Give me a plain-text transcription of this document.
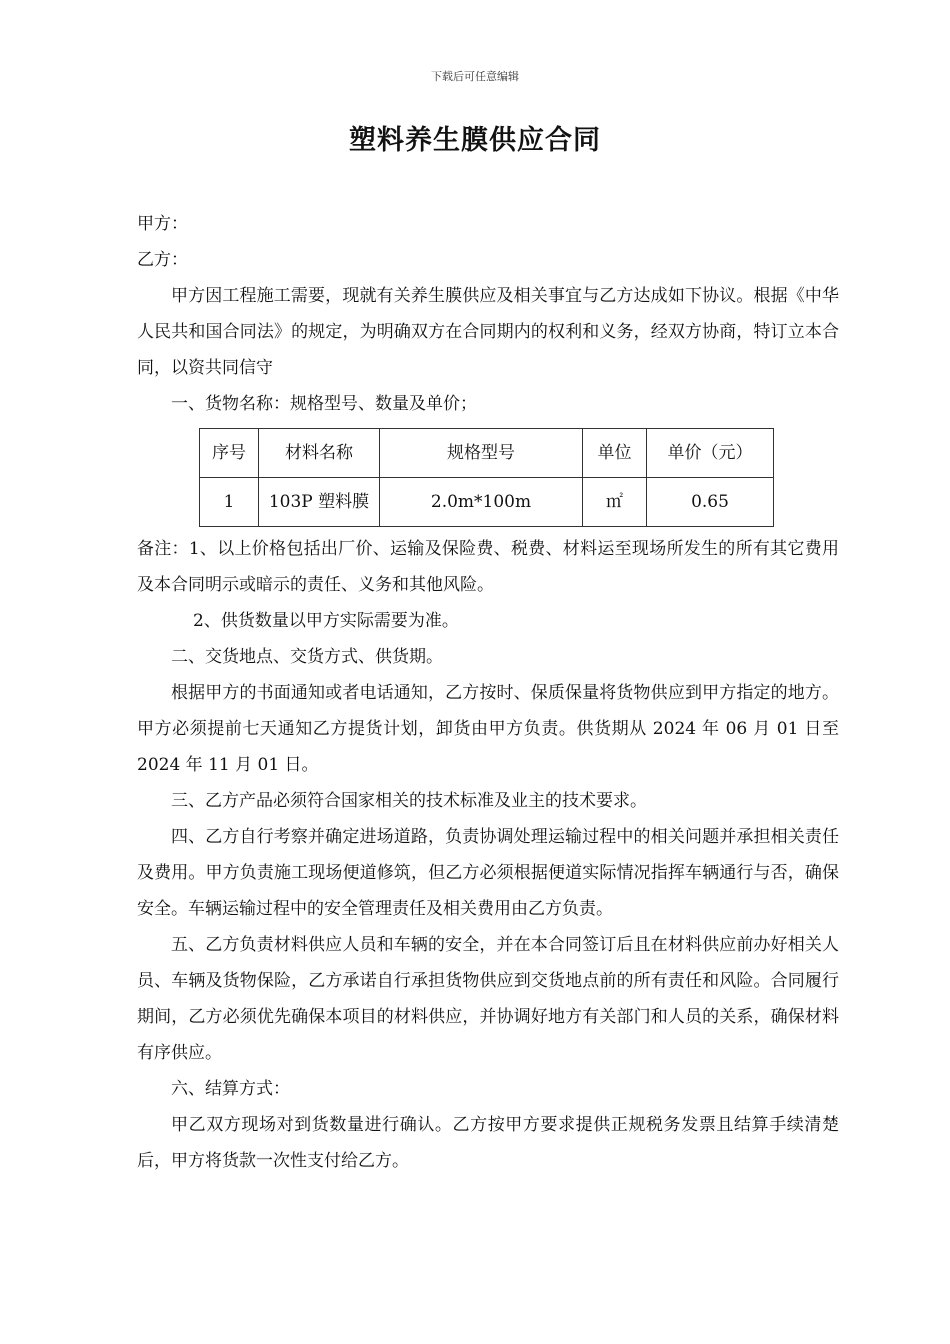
下载后可任意编辑
塑料养生膜供应合同

甲方：

乙方：

甲方因工程施工需要，现就有关养生膜供应及相关事宜与乙方达成如下协议。根据《中华人民共和国合同法》的规定，为明确双方在合同期内的权利和义务，经双方协商，特订立本合同，以资共同信守

一、货物名称：规格型号、数量及单价；

序号	材料名称	规格型号	单位	单价（元）
1	103P 塑料膜	2.0m*100m	㎡	0.65

备注：1、以上价格包括出厂价、运输及保险费、税费、材料运至现场所发生的所有其它费用及本合同明示或暗示的责任、义务和其他风险。

2、供货数量以甲方实际需要为准。

二、交货地点、交货方式、供货期。

根据甲方的书面通知或者电话通知，乙方按时、保质保量将货物供应到甲方指定的地方。甲方必须提前七天通知乙方提货计划，卸货由甲方负责。供货期从 2024 年 06 月 01 日至 2024 年 11 月 01 日。

三、乙方产品必须符合国家相关的技术标准及业主的技术要求。

四、乙方自行考察并确定进场道路，负责协调处理运输过程中的相关问题并承担相关责任及费用。甲方负责施工现场便道修筑，但乙方必须根据便道实际情况指挥车辆通行与否，确保安全。车辆运输过程中的安全管理责任及相关费用由乙方负责。

五、乙方负责材料供应人员和车辆的安全，并在本合同签订后且在材料供应前办好相关人员、车辆及货物保险，乙方承诺自行承担货物供应到交货地点前的所有责任和风险。合同履行期间，乙方必须优先确保本项目的材料供应，并协调好地方有关部门和人员的关系，确保材料有序供应。

六、结算方式：

甲乙双方现场对到货数量进行确认。乙方按甲方要求提供正规税务发票且结算手续清楚后，甲方将货款一次性支付给乙方。
